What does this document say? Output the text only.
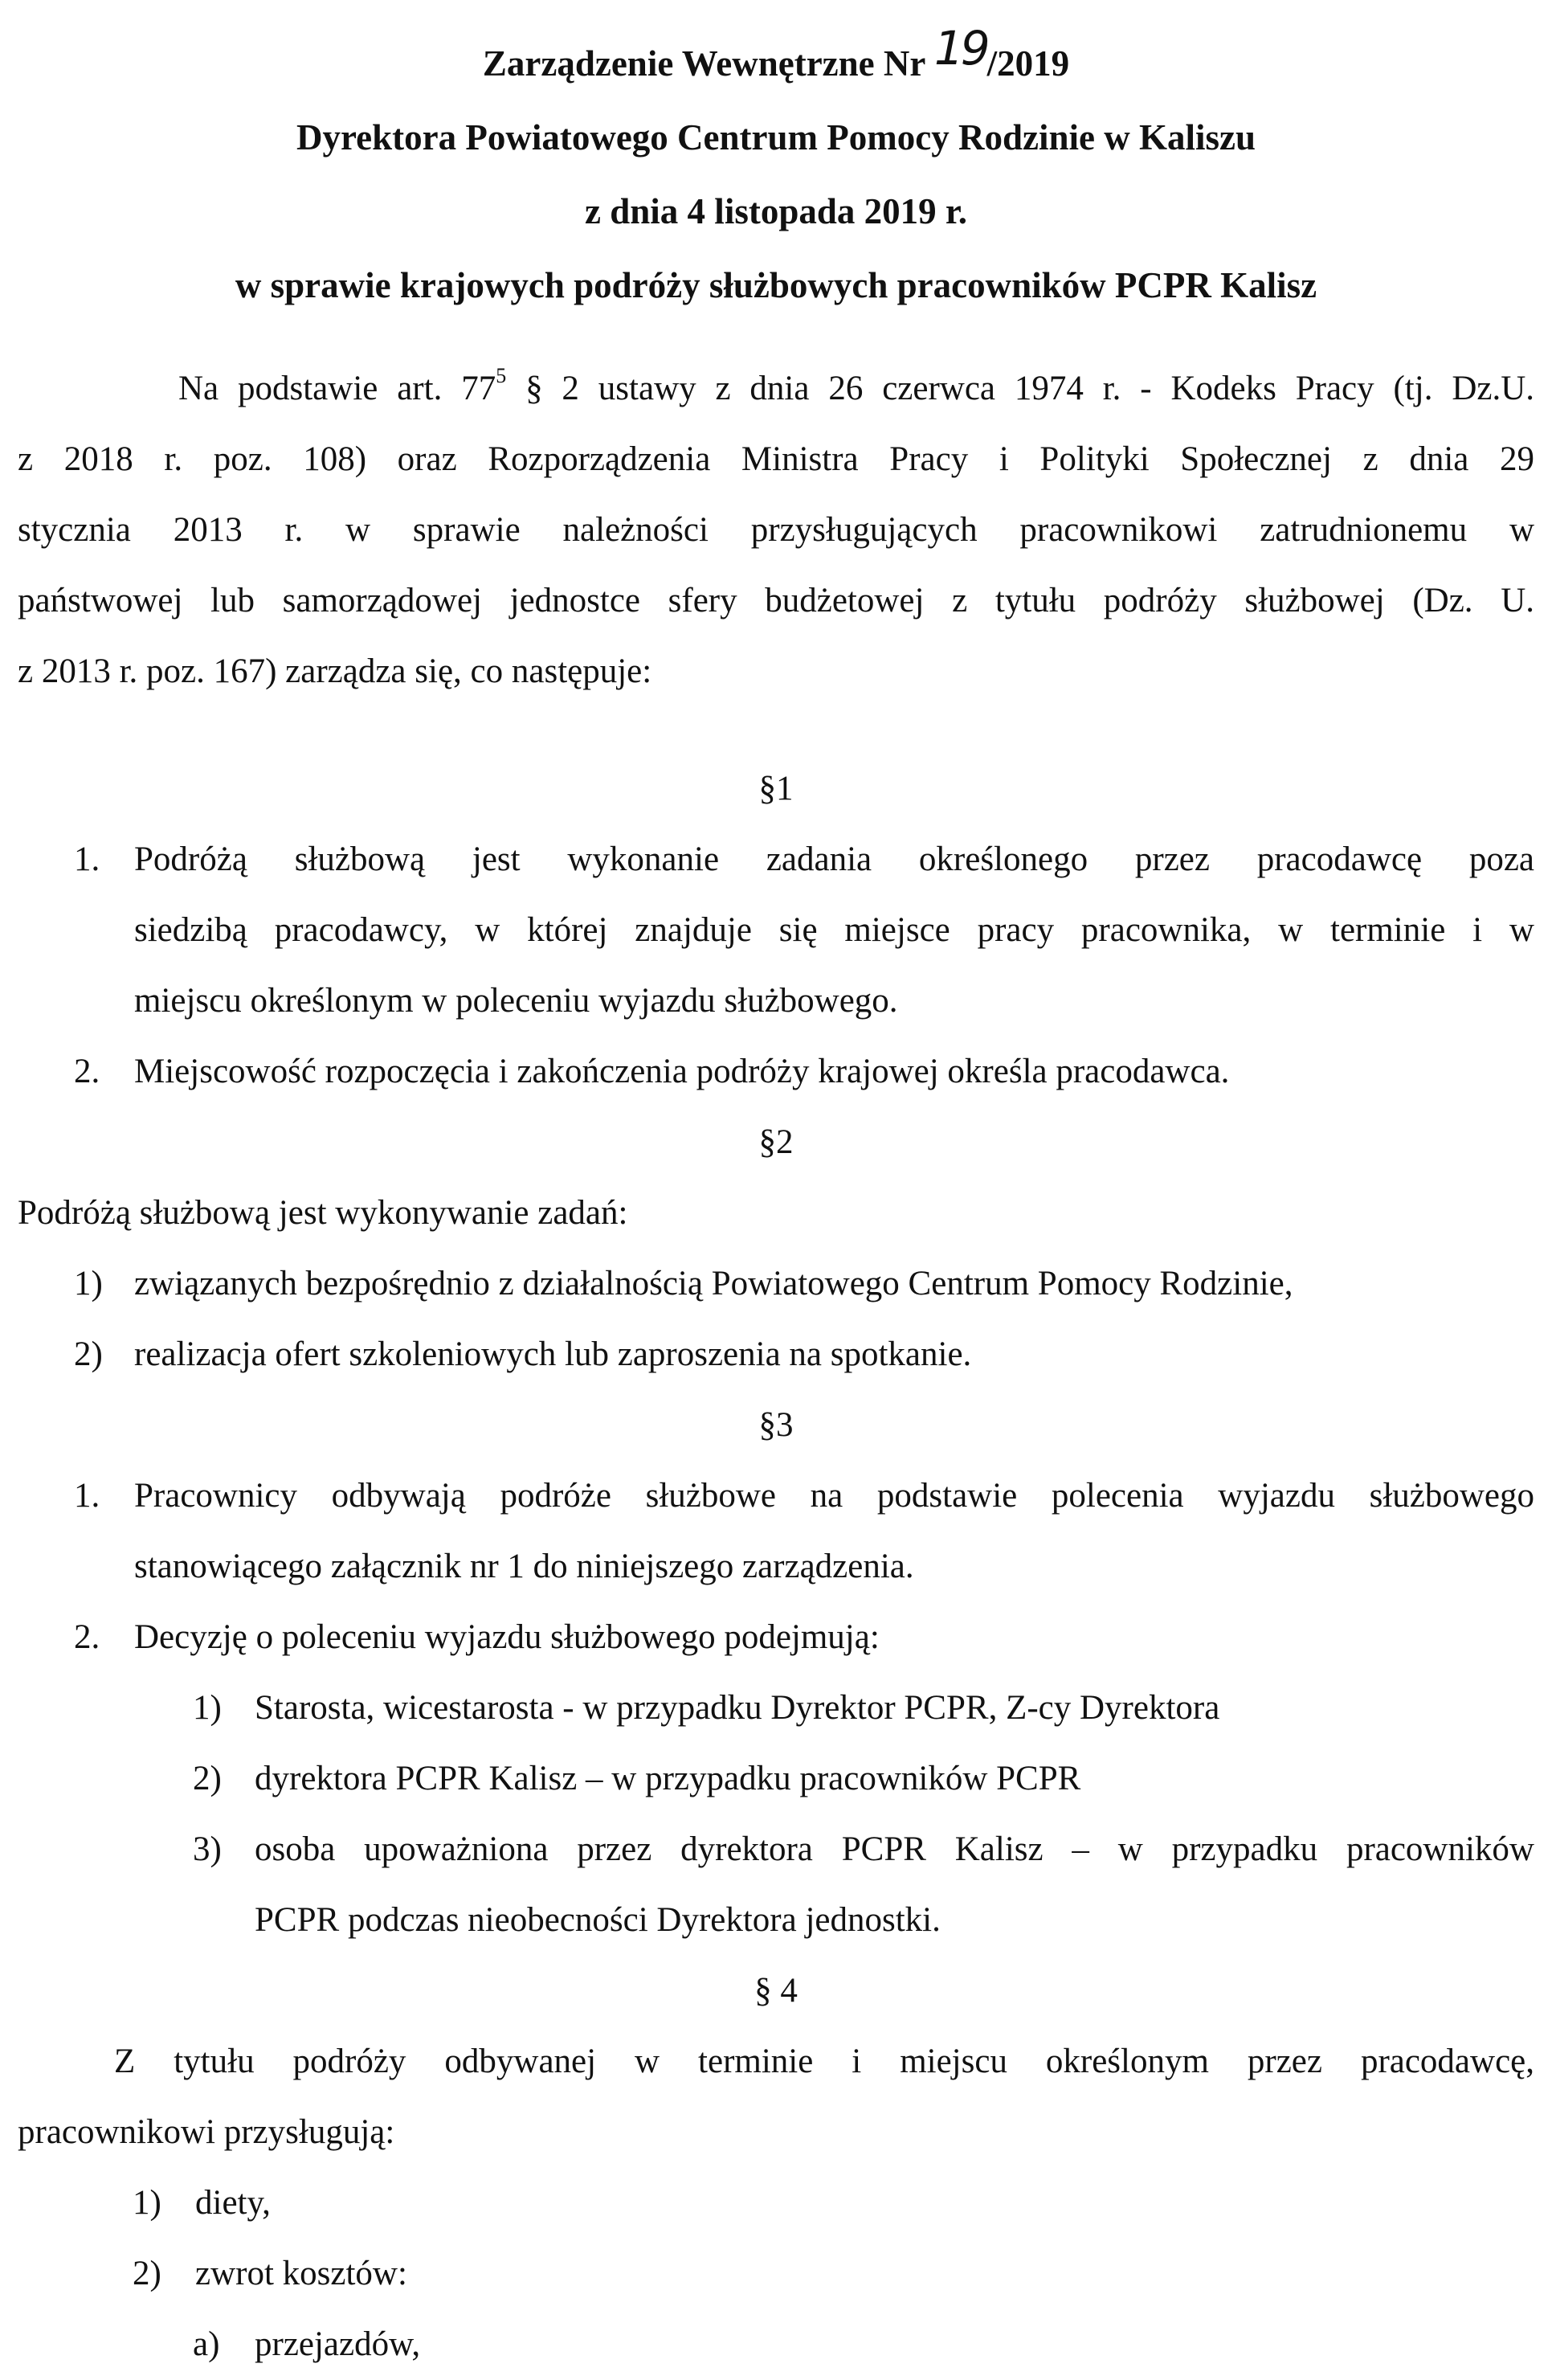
Zarządzenie Wewnętrzne Nr 19/2019
Dyrektora Powiatowego Centrum Pomocy Rodzinie w Kaliszu
z dnia 4 listopada 2019 r.
w sprawie krajowych podróży służbowych pracowników PCPR Kalisz
Na podstawie art. $77^5$ § 2 ustawy z dnia 26 czerwca 1974 r. - Kodeks Pracy (tj. Dz.U.
z 2018 r. poz. 108) oraz Rozporządzenia Ministra Pracy i Polityki Społecznej z dnia 29
stycznia 2013 r. w sprawie należności przysługujących pracownikowi zatrudnionemu w
państwowej lub samorządowej jednostce sfery budżetowej z tytułu podróży służbowej (Dz. U.
z 2013 r. poz. 167) zarządza się, co następuje:
§1
1. Podróżą służbową jest wykonanie zadania określonego przez pracodawcę poza
siedzibą pracodawcy, w której znajduje się miejsce pracy pracownika, w terminie i w
miejscu określonym w poleceniu wyjazdu służbowego.
2. Miejscowość rozpoczęcia i zakończenia podróży krajowej określa pracodawca.
§2
Podróżą służbową jest wykonywanie zadań:
1) związanych bezpośrędnio z działalnością Powiatowego Centrum Pomocy Rodzinie,
2) realizacja ofert szkoleniowych lub zaproszenia na spotkanie.
§3
1. Pracownicy odbywają podróże służbowe na podstawie polecenia wyjazdu służbowego
stanowiącego załącznik nr 1 do niniejszego zarządzenia.
2. Decyzję o poleceniu wyjazdu służbowego podejmują:
1) Starosta, wicestarosta - w przypadku Dyrektor PCPR, Z-cy Dyrektora
2) dyrektora PCPR Kalisz – w przypadku pracowników PCPR
3) osoba upoważniona przez dyrektora PCPR Kalisz – w przypadku pracowników
PCPR podczas nieobecności Dyrektora jednostki.
§ 4
Z tytułu podróży odbywanej w terminie i miejscu określonym przez pracodawcę,
pracownikowi przysługują:
1) diety,
2) zwrot kosztów:
a) przejazdów,
